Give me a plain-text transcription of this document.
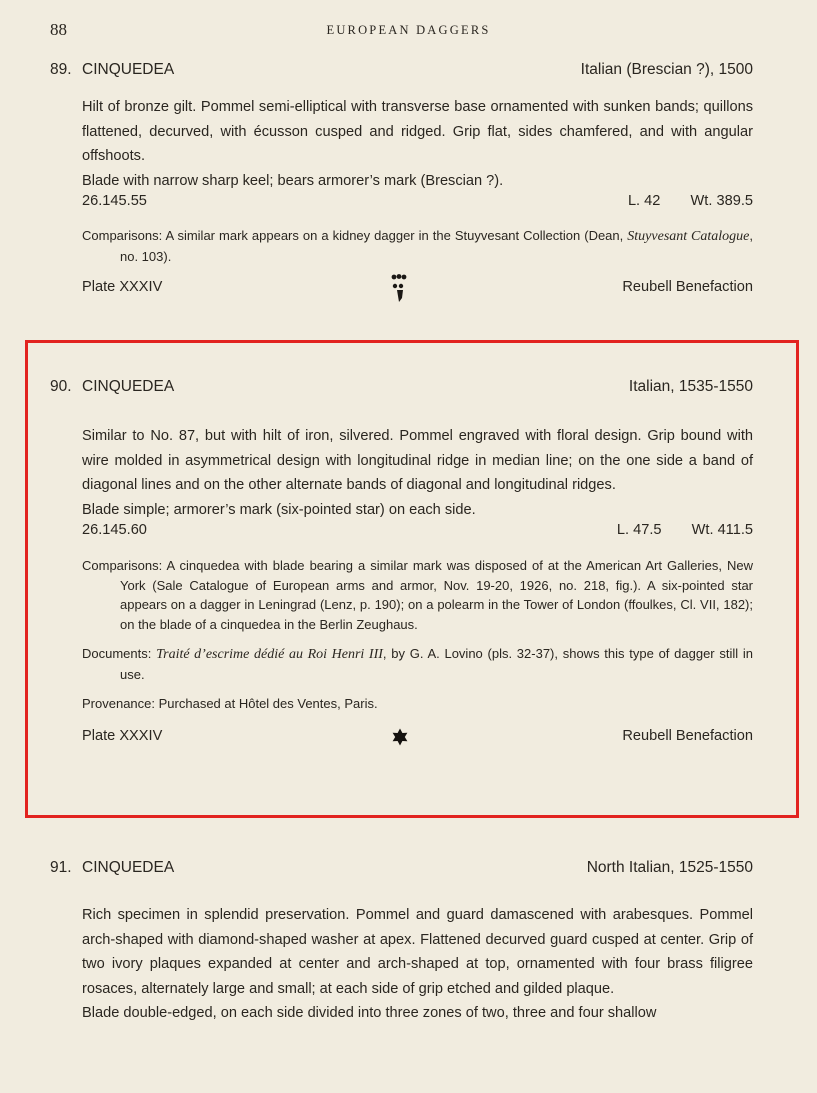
88	EUROPEAN DAGGERS
89. CINQUEDEA	Italian (Brescian ?), 1500

Hilt of bronze gilt. Pommel semi-elliptical with transverse base ornamented with sunken bands; quillons flattened, decurved, with écusson cusped and ridged. Grip flat, sides chamfered, and with angular offshoots.

Blade with narrow sharp keel; bears armorer’s mark (Brescian ?).

26.145.55	L. 42 Wt. 389.5

Comparisons: A similar mark appears on a kidney dagger in the Stuyvesant Collection (Dean, Stuyvesant Catalogue, no. 103).

Plate XXXIV	Reubell Benefaction
90. CINQUEDEA	Italian, 1535-1550

Similar to No. 87, but with hilt of iron, silvered. Pommel engraved with floral design. Grip bound with wire molded in asymmetrical design with longitudinal ridge in median line; on the one side a band of diagonal lines and on the other alternate bands of diagonal and longitudinal ridges.

Blade simple; armorer’s mark (six-pointed star) on each side.

26.145.60	L. 47.5 Wt. 411.5

Comparisons: A cinquedea with blade bearing a similar mark was disposed of at the American Art Galleries, New York (Sale Catalogue of European arms and armor, Nov. 19-20, 1926, no. 218, fig.). A six-pointed star appears on a dagger in Leningrad (Lenz, p. 190); on a polearm in the Tower of London (ffoulkes, Cl. VII, 182); on the blade of a cinquedea in the Berlin Zeughaus.

Documents: Traité d’escrime dédié au Roi Henri III, by G. A. Lovino (pls. 32-37), shows this type of dagger still in use.

Provenance: Purchased at Hôtel des Ventes, Paris.

Plate XXXIV	Reubell Benefaction
91. CINQUEDEA	North Italian, 1525-1550

Rich specimen in splendid preservation. Pommel and guard damascened with arabesques. Pommel arch-shaped with diamond-shaped washer at apex. Flattened decurved guard cusped at center. Grip of two ivory plaques expanded at center and arch-shaped at top, ornamented with four brass filigree rosaces, alternately large and small; at each side of grip etched and gilded plaque.

Blade double-edged, on each side divided into three zones of two, three and four shallow
